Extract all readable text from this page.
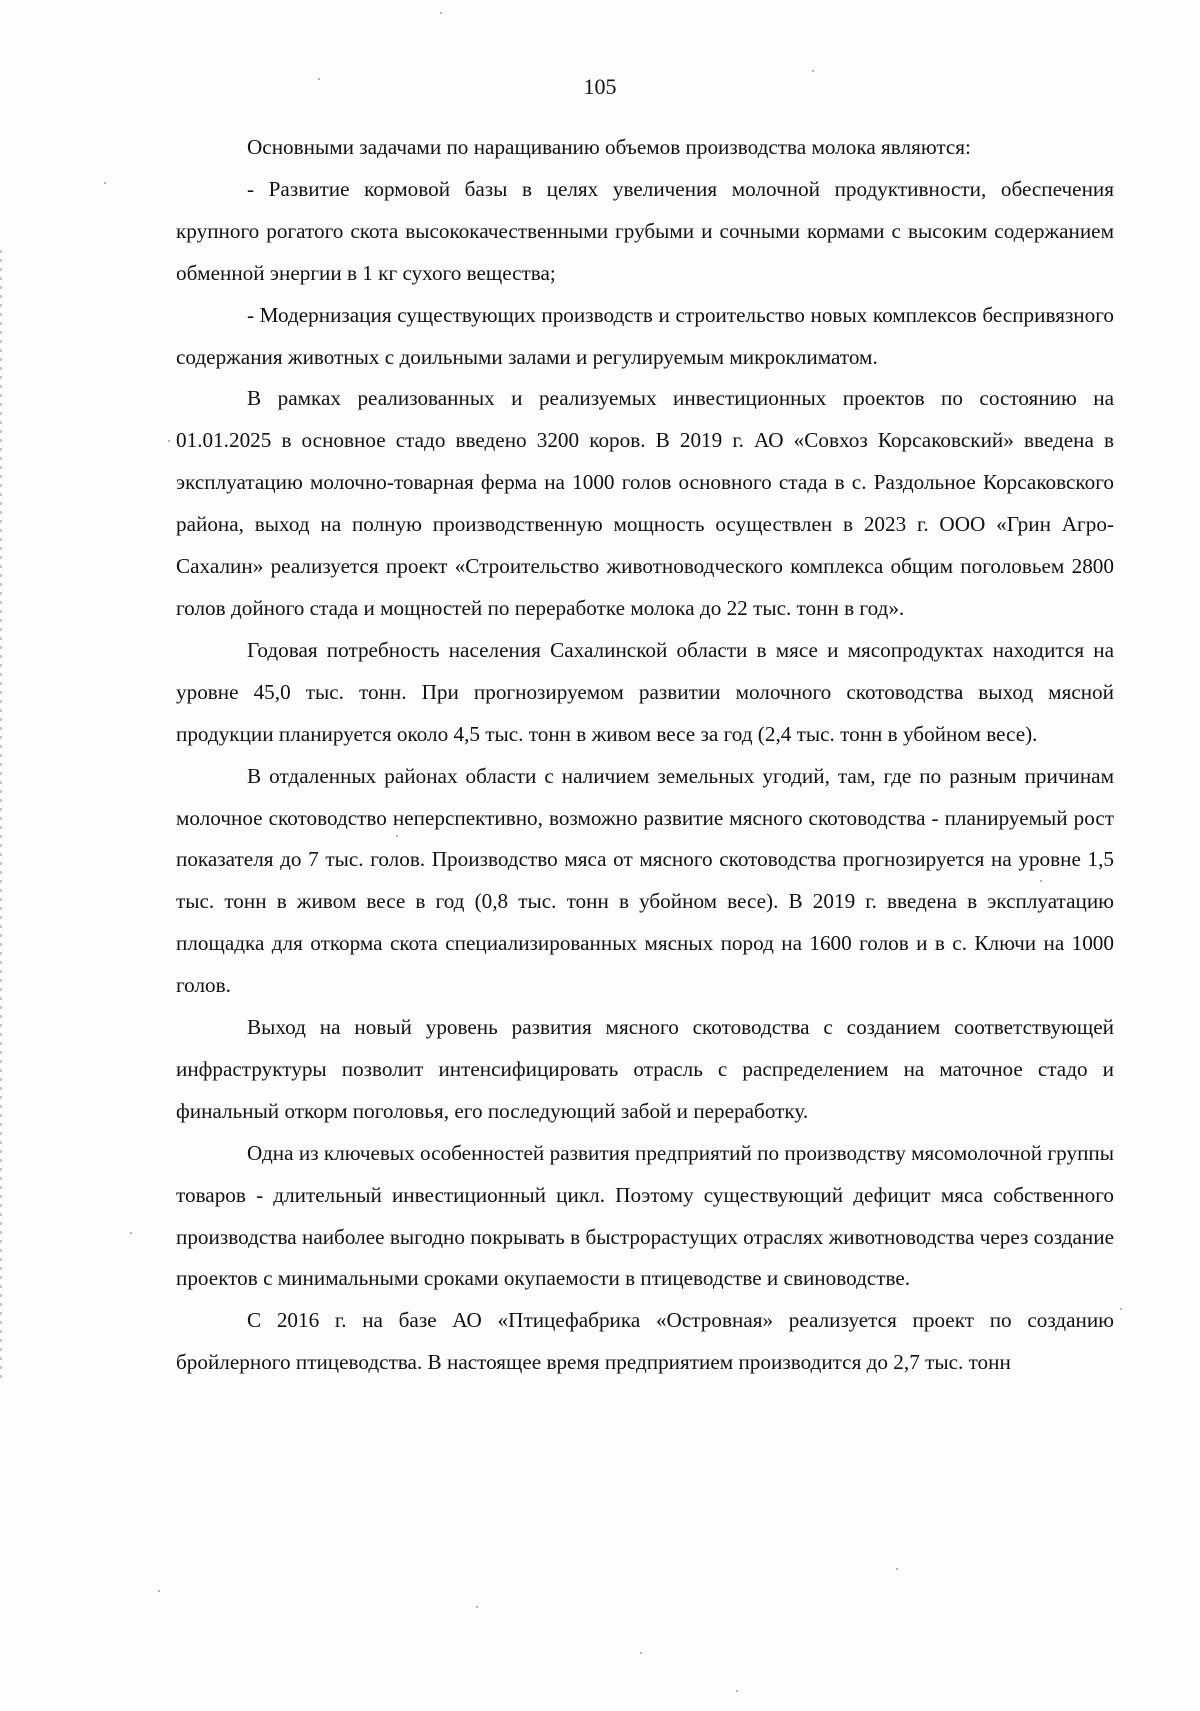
105

Основными задачами по наращиванию объемов производства молока являются:

- Развитие кормовой базы в целях увеличения молочной продуктивности, обеспечения крупного рогатого скота высококачественными грубыми и сочными кормами с высоким содержанием обменной энергии в 1 кг сухого вещества;

- Модернизация существующих производств и строительство новых комплексов беспривязного содержания животных с доильными залами и регулируемым микроклиматом.

В рамках реализованных и реализуемых инвестиционных проектов по состоянию на 01.01.2025 в основное стадо введено 3200 коров. В 2019 г. АО «Совхоз Корсаковский» введена в эксплуатацию молочно-товарная ферма на 1000 голов основного стада в с. Раздольное Корсаковского района, выход на полную производственную мощность осуществлен в 2023 г. ООО «Грин Агро-Сахалин» реализуется проект «Строительство животноводческого комплекса общим поголовьем 2800 голов дойного стада и мощностей по переработке молока до 22 тыс. тонн в год».

Годовая потребность населения Сахалинской области в мясе и мясопродуктах находится на уровне 45,0 тыс. тонн. При прогнозируемом развитии молочного скотоводства выход мясной продукции планируется около 4,5 тыс. тонн в живом весе за год (2,4 тыс. тонн в убойном весе).

В отдаленных районах области с наличием земельных угодий, там, где по разным причинам молочное скотоводство неперспективно, возможно развитие мясного скотоводства - планируемый рост показателя до 7 тыс. голов. Производство мяса от мясного скотоводства прогнозируется на уровне 1,5 тыс. тонн в живом весе в год (0,8 тыс. тонн в убойном весе). В 2019 г. введена в эксплуатацию площадка для откорма скота специализированных мясных пород на 1600 голов и в с. Ключи на 1000 голов.

Выход на новый уровень развития мясного скотоводства с созданием соответствующей инфраструктуры позволит интенсифицировать отрасль с распределением на маточное стадо и финальный откорм поголовья, его последующий забой и переработку.

Одна из ключевых особенностей развития предприятий по производству мясомолочной группы товаров - длительный инвестиционный цикл. Поэтому существующий дефицит мяса собственного производства наиболее выгодно покрывать в быстрорастущих отраслях животноводства через создание проектов с минимальными сроками окупаемости в птицеводстве и свиноводстве.

С 2016 г. на базе АО «Птицефабрика «Островная» реализуется проект по созданию бройлерного птицеводства. В настоящее время предприятием производится до 2,7 тыс. тонн
